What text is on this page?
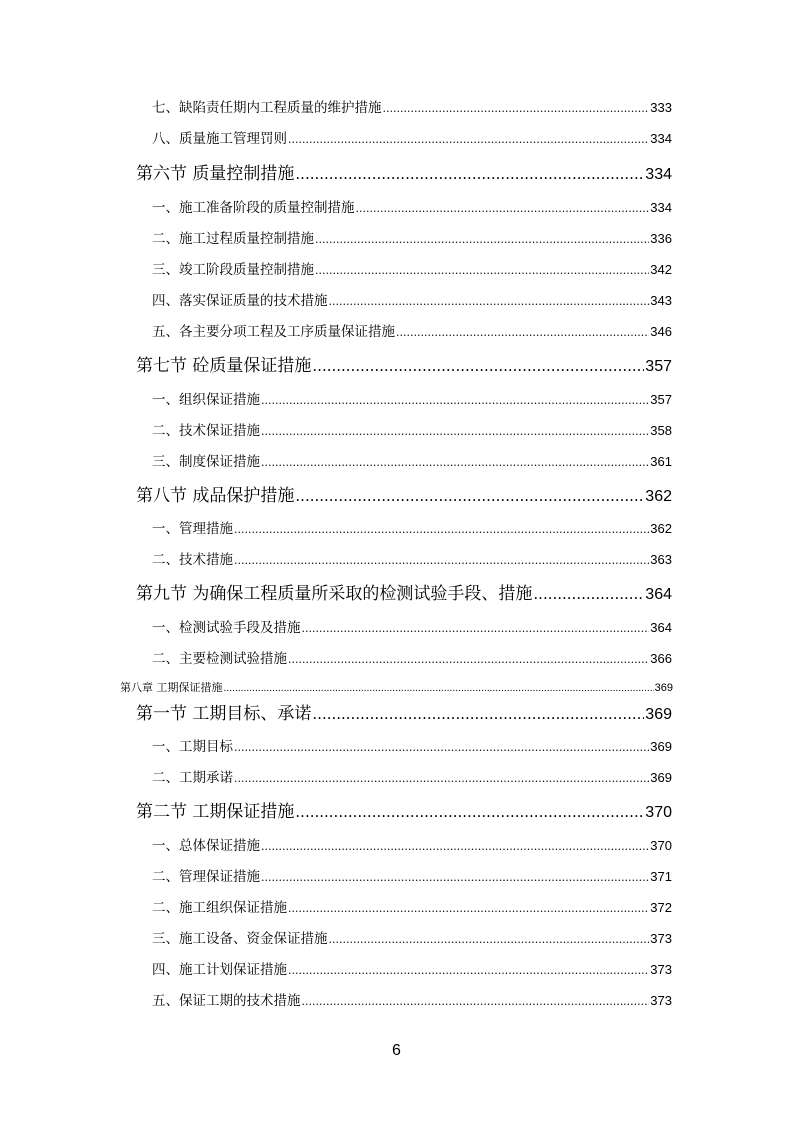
七、缺陷责任期内工程质量的维护措施 .....	333
八、质量施工管理罚则 .....	334
第六节 质量控制措施 .....	334
一、施工准备阶段的质量控制措施 .....	334
二、施工过程质量控制措施 .....	336
三、竣工阶段质量控制措施 .....	342
四、落实保证质量的技术措施 .....	343
五、各主要分项工程及工序质量保证措施 .....	346
第七节 砼质量保证措施 .....	357
一、组织保证措施 .....	357
二、技术保证措施 .....	358
三、制度保证措施 .....	361
第八节 成品保护措施 .....	362
一、管理措施 .....	362
二、技术措施 .....	363
第九节 为确保工程质量所采取的检测试验手段、措施 .....	364
一、检测试验手段及措施 .....	364
二、主要检测试验措施 .....	366
第八章 工期保证措施 .....	369
第一节 工期目标、承诺 .....	369
一、工期目标 .....	369
二、工期承诺 .....	369
第二节 工期保证措施 .....	370
一、总体保证措施 .....	370
二、管理保证措施 .....	371
二、施工组织保证措施 .....	372
三、施工设备、资金保证措施 .....	373
四、施工计划保证措施 .....	373
五、保证工期的技术措施 .....	373
6
